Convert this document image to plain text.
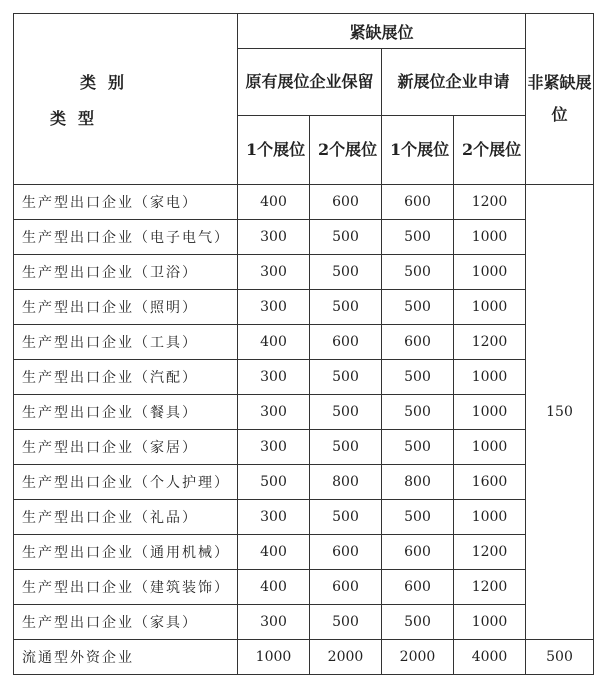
类别
类型	紧缺展位				非紧缺展位
	原有展位企业保留		新展位企业申请		
	1个展位	2个展位	1个展位	2个展位	
生产型出口企业（家电）	400	600	600	1200	150
生产型出口企业（电子电气）	300	500	500	1000	
生产型出口企业（卫浴）	300	500	500	1000	
生产型出口企业（照明）	300	500	500	1000	
生产型出口企业（工具）	400	600	600	1200	
生产型出口企业（汽配）	300	500	500	1000	
生产型出口企业（餐具）	300	500	500	1000	
生产型出口企业（家居）	300	500	500	1000	
生产型出口企业（个人护理）	500	800	800	1600	
生产型出口企业（礼品）	300	500	500	1000	
生产型出口企业（通用机械）	400	600	600	1200	
生产型出口企业（建筑装饰）	400	600	600	1200	
生产型出口企业（家具）	300	500	500	1000	
流通型外资企业	1000	2000	2000	4000	500
